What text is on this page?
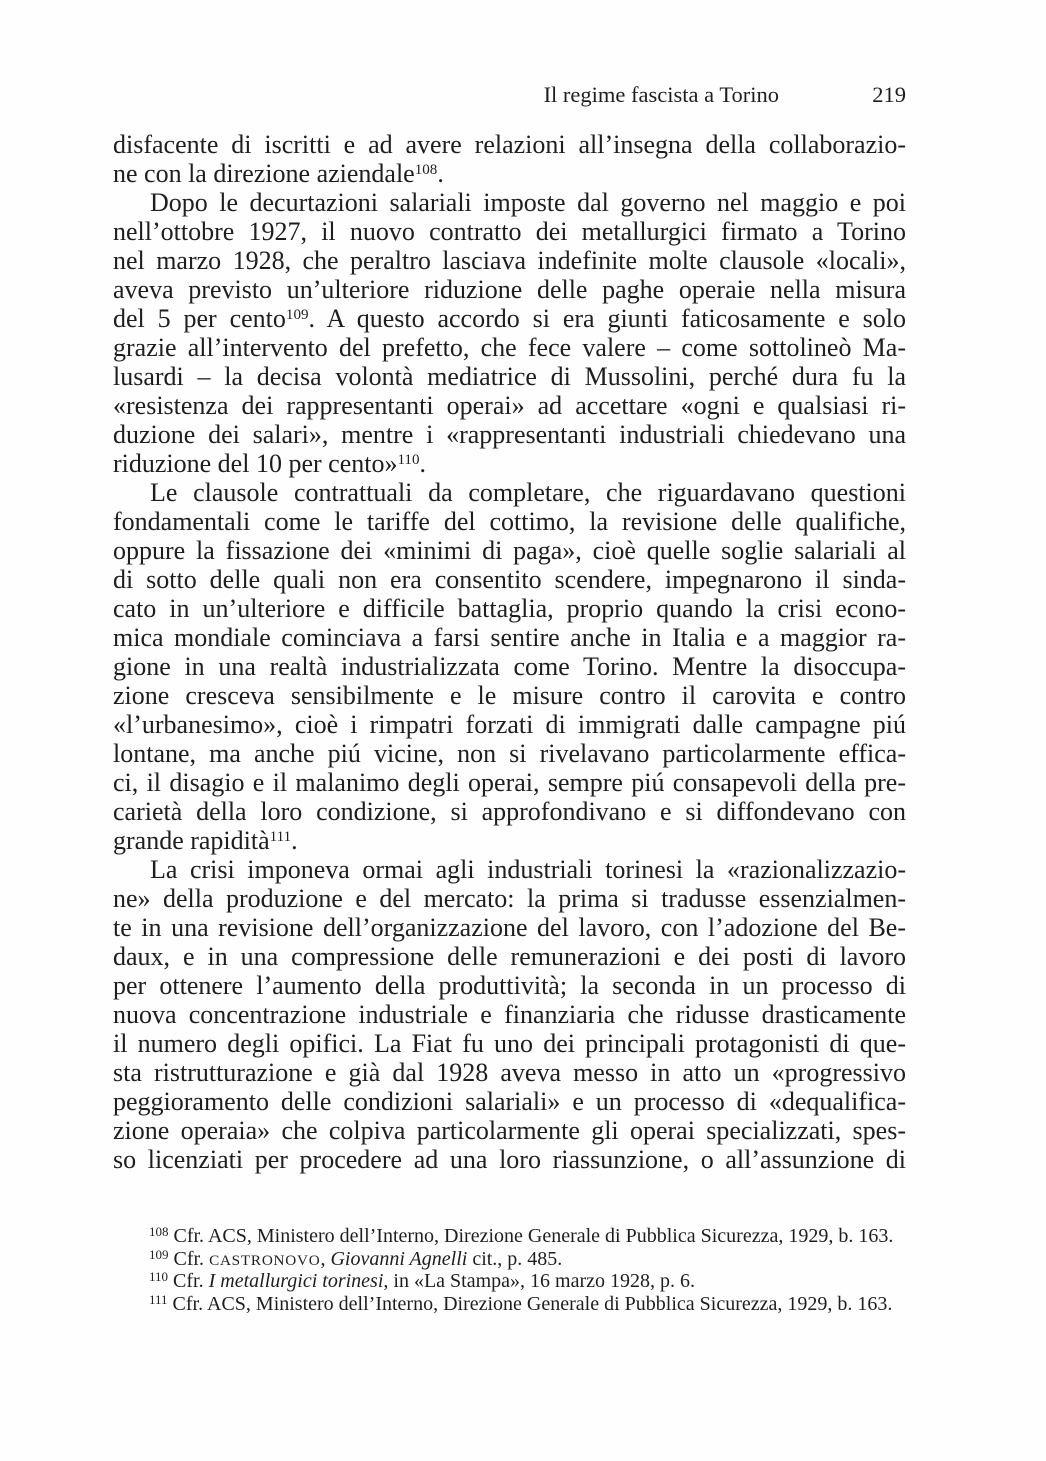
Il regime fascista a Torino	219
disfacente di iscritti e ad avere relazioni all’insegna della collaborazio-
ne con la direzione aziendale$^{108}$.
Dopo le decurtazioni salariali imposte dal governo nel maggio e poi
nell’ottobre 1927, il nuovo contratto dei metallurgici firmato a Torino
nel marzo 1928, che peraltro lasciava indefinite molte clausole «locali»,
aveva previsto un’ulteriore riduzione delle paghe operaie nella misura
del 5 per cento$^{109}$. A questo accordo si era giunti faticosamente e solo
grazie all’intervento del prefetto, che fece valere – come sottolineò Ma-
lusardi – la decisa volontà mediatrice di Mussolini, perché dura fu la
«resistenza dei rappresentanti operai» ad accettare «ogni e qualsiasi ri-
duzione dei salari», mentre i «rappresentanti industriali chiedevano una
riduzione del 10 per cento»$^{110}$.
Le clausole contrattuali da completare, che riguardavano questioni
fondamentali come le tariffe del cottimo, la revisione delle qualifiche,
oppure la fissazione dei «minimi di paga», cioè quelle soglie salariali al
di sotto delle quali non era consentito scendere, impegnarono il sinda-
cato in un’ulteriore e difficile battaglia, proprio quando la crisi econo-
mica mondiale cominciava a farsi sentire anche in Italia e a maggior ra-
gione in una realtà industrializzata come Torino. Mentre la disoccupa-
zione cresceva sensibilmente e le misure contro il carovita e contro
«l’urbanesimo», cioè i rimpatri forzati di immigrati dalle campagne piú
lontane, ma anche piú vicine, non si rivelavano particolarmente effica-
ci, il disagio e il malanimo degli operai, sempre piú consapevoli della pre-
carietà della loro condizione, si approfondivano e si diffondevano con
grande rapidità$^{111}$.
La crisi imponeva ormai agli industriali torinesi la «razionalizzazio-
ne» della produzione e del mercato: la prima si tradusse essenzialmen-
te in una revisione dell’organizzazione del lavoro, con l’adozione del Be-
daux, e in una compressione delle remunerazioni e dei posti di lavoro
per ottenere l’aumento della produttività; la seconda in un processo di
nuova concentrazione industriale e finanziaria che ridusse drasticamente
il numero degli opifici. La Fiat fu uno dei principali protagonisti di que-
sta ristrutturazione e già dal 1928 aveva messo in atto un «progressivo
peggioramento delle condizioni salariali» e un processo di «dequalifica-
zione operaia» che colpiva particolarmente gli operai specializzati, spes-
so licenziati per procedere ad una loro riassunzione, o all’assunzione di
$^{108}$ Cfr. ACS, Ministero dell’Interno, Direzione Generale di Pubblica Sicurezza, 1929, b. 163.
$^{109}$ Cfr. CASTRONOVO, Giovanni Agnelli cit., p. 485.
$^{110}$ Cfr. I metallurgici torinesi, in «La Stampa», 16 marzo 1928, p. 6.
$^{111}$ Cfr. ACS, Ministero dell’Interno, Direzione Generale di Pubblica Sicurezza, 1929, b. 163.
